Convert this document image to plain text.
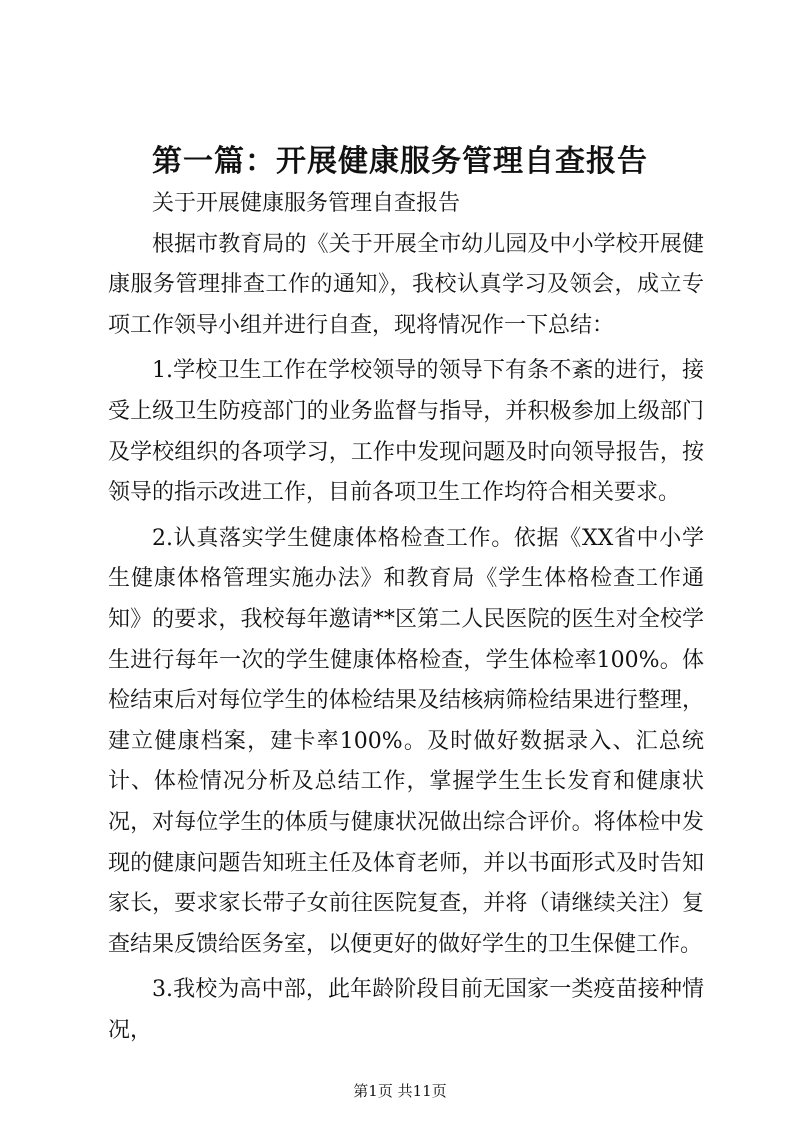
第一篇：开展健康服务管理自查报告

关于开展健康服务管理自查报告

根据市教育局的《关于开展全市幼儿园及中小学校开展健康服务管理排查工作的通知》，我校认真学习及领会，成立专项工作领导小组并进行自查，现将情况作一下总结：

1.学校卫生工作在学校领导的领导下有条不紊的进行，接受上级卫生防疫部门的业务监督与指导，并积极参加上级部门及学校组织的各项学习，工作中发现问题及时向领导报告，按领导的指示改进工作，目前各项卫生工作均符合相关要求。

2.认真落实学生健康体格检查工作。依据《XX省中小学生健康体格管理实施办法》和教育局《学生体格检查工作通知》的要求，我校每年邀请**区第二人民医院的医生对全校学生进行每年一次的学生健康体格检查，学生体检率100%。体检结束后对每位学生的体检结果及结核病筛检结果进行整理，建立健康档案，建卡率100%。及时做好数据录入、汇总统计、体检情况分析及总结工作，掌握学生生长发育和健康状况，对每位学生的体质与健康状况做出综合评价。将体检中发现的健康问题告知班主任及体育老师，并以书面形式及时告知家长，要求家长带子女前往医院复查，并将（请继续关注）复查结果反馈给医务室，以便更好的做好学生的卫生保健工作。

3.我校为高中部，此年龄阶段目前无国家一类疫苗接种情况，

第1页 共11页
